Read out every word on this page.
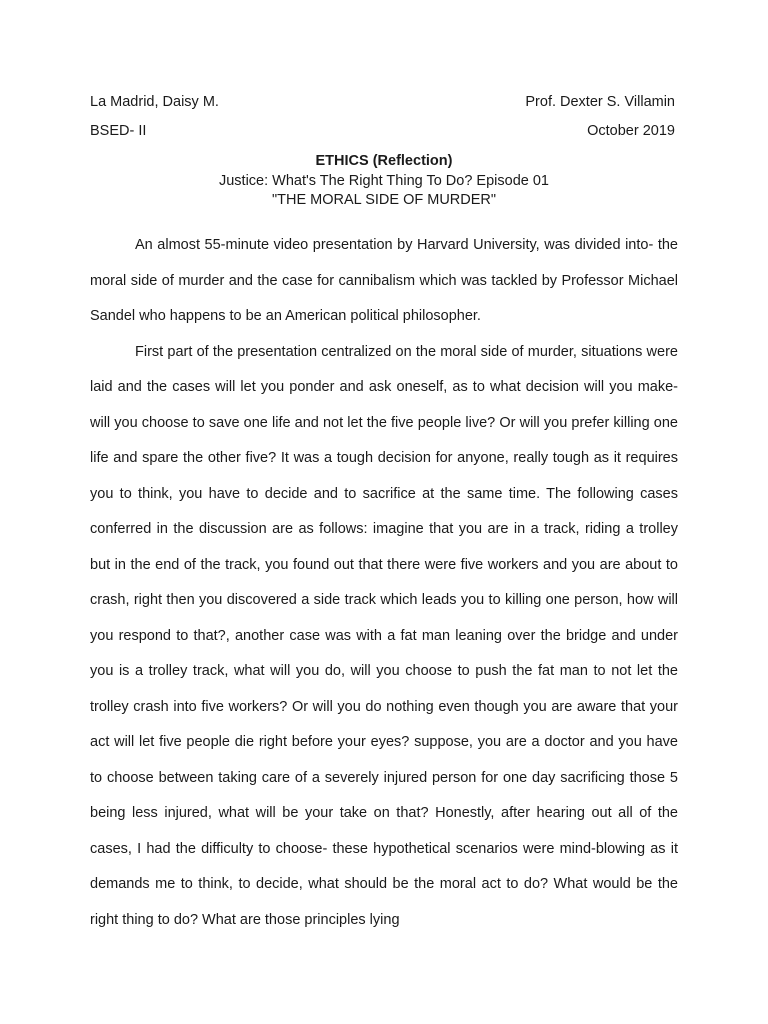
La Madrid, Daisy M.	Prof. Dexter S. Villamin
BSED- II	October 2019
ETHICS (Reflection)
Justice: What's The Right Thing To Do? Episode 01
"THE MORAL SIDE OF MURDER"

An almost 55-minute video presentation by Harvard University, was divided into- the moral side of murder and the case for cannibalism which was tackled by Professor Michael Sandel who happens to be an American political philosopher.

First part of the presentation centralized on the moral side of murder, situations were laid and the cases will let you ponder and ask oneself, as to what decision will you make- will you choose to save one life and not let the five people live? Or will you prefer killing one life and spare the other five? It was a tough decision for anyone, really tough as it requires you to think, you have to decide and to sacrifice at the same time. The following cases conferred in the discussion are as follows: imagine that you are in a track, riding a trolley but in the end of the track, you found out that there were five workers and you are about to crash, right then you discovered a side track which leads you to killing one person, how will you respond to that?, another case was with a fat man leaning over the bridge and under you is a trolley track, what will you do, will you choose to push the fat man to not let the trolley crash into five workers? Or will you do nothing even though you are aware that your act will let five people die right before your eyes? suppose, you are a doctor and you have to choose between taking care of a severely injured person for one day sacrificing those 5 being less injured, what will be your take on that? Honestly, after hearing out all of the cases, I had the difficulty to choose- these hypothetical scenarios were mind-blowing as it demands me to think, to decide, what should be the moral act to do? What would be the right thing to do? What are those principles lying
